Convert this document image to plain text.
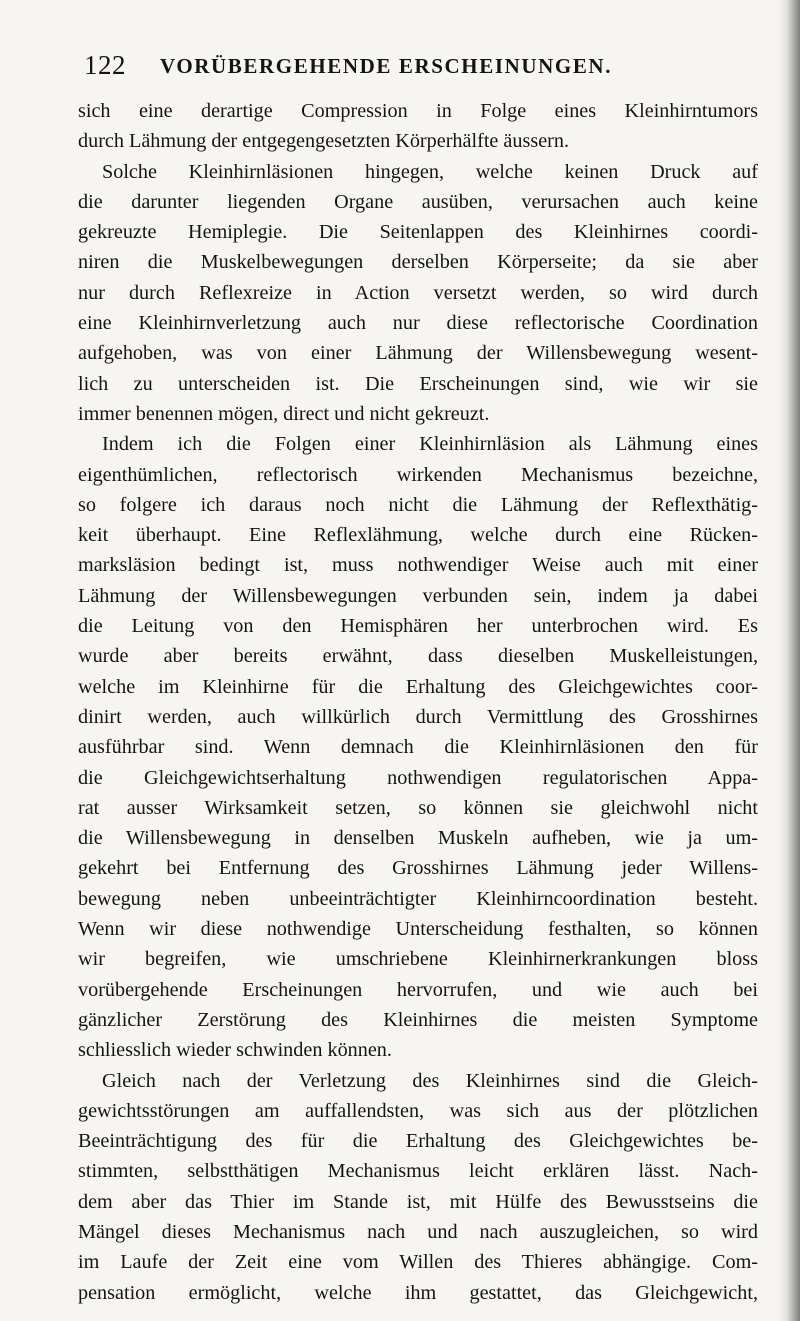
122 VORÜBERGEHENDE ERSCHEINUNGEN.
sich eine derartige Compression in Folge eines Kleinhirntumors
durch Lähmung der entgegengesetzten Körperhälfte äussern.
Solche Kleinhirnläsionen hingegen, welche keinen Druck auf
die darunter liegenden Organe ausüben, verursachen auch keine
gekreuzte Hemiplegie. Die Seitenlappen des Kleinhirnes coordi-
niren die Muskelbewegungen derselben Körperseite; da sie aber
nur durch Reflexreize in Action versetzt werden, so wird durch
eine Kleinhirnverletzung auch nur diese reflectorische Coordination
aufgehoben, was von einer Lähmung der Willensbewegung wesent-
lich zu unterscheiden ist. Die Erscheinungen sind, wie wir sie
immer benennen mögen, direct und nicht gekreuzt.
Indem ich die Folgen einer Kleinhirnläsion als Lähmung eines
eigenthümlichen, reflectorisch wirkenden Mechanismus bezeichne,
so folgere ich daraus noch nicht die Lähmung der Reflexthätig-
keit überhaupt. Eine Reflexlähmung, welche durch eine Rücken-
marksläsion bedingt ist, muss nothwendiger Weise auch mit einer
Lähmung der Willensbewegungen verbunden sein, indem ja dabei
die Leitung von den Hemisphären her unterbrochen wird. Es
wurde aber bereits erwähnt, dass dieselben Muskelleistungen,
welche im Kleinhirne für die Erhaltung des Gleichgewichtes coor-
dinirt werden, auch willkürlich durch Vermittlung des Grosshirnes
ausführbar sind. Wenn demnach die Kleinhirnläsionen den für
die Gleichgewichtserhaltung nothwendigen regulatorischen Appa-
rat ausser Wirksamkeit setzen, so können sie gleichwohl nicht
die Willensbewegung in denselben Muskeln aufheben, wie ja um-
gekehrt bei Entfernung des Grosshirnes Lähmung jeder Willens-
bewegung neben unbeeinträchtigter Kleinhirncoordination besteht.
Wenn wir diese nothwendige Unterscheidung festhalten, so können
wir begreifen, wie umschriebene Kleinhirnerkrankungen bloss
vorübergehende Erscheinungen hervorrufen, und wie auch bei
gänzlicher Zerstörung des Kleinhirnes die meisten Symptome
schliesslich wieder schwinden können.
Gleich nach der Verletzung des Kleinhirnes sind die Gleich-
gewichtsstörungen am auffallendsten, was sich aus der plötzlichen
Beeinträchtigung des für die Erhaltung des Gleichgewichtes be-
stimmten, selbstthätigen Mechanismus leicht erklären lässt. Nach-
dem aber das Thier im Stande ist, mit Hülfe des Bewusstseins die
Mängel dieses Mechanismus nach und nach auszugleichen, so wird
im Laufe der Zeit eine vom Willen des Thieres abhängige. Com-
pensation ermöglicht, welche ihm gestattet, das Gleichgewicht,
